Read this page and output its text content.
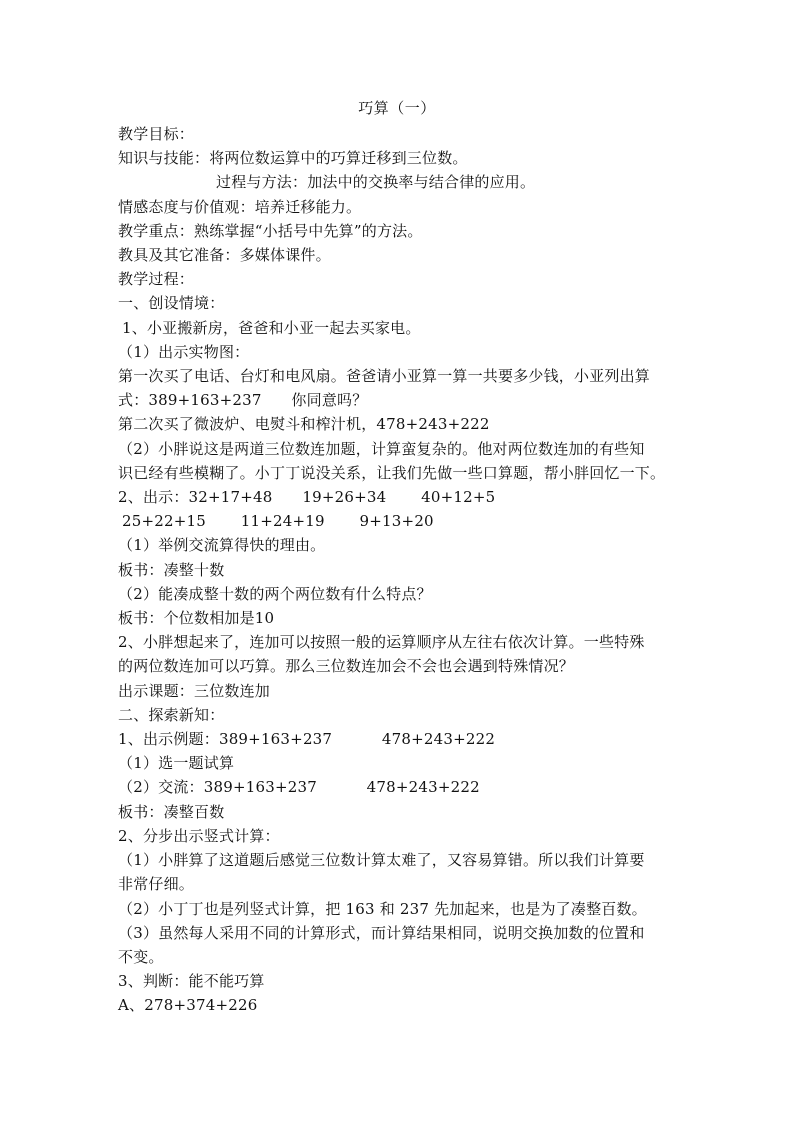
巧算（一）
教学目标：
知识与技能：将两位数运算中的巧算迁移到三位数。
过程与方法：加法中的交换率与结合律的应用。
情感态度与价值观：培养迁移能力。
教学重点：熟练掌握“小括号中先算”的方法。
教具及其它准备：多媒体课件。
教学过程：
一、创设情境：
1、小亚搬新房，爸爸和小亚一起去买家电。
（1）出示实物图：
第一次买了电话、台灯和电风扇。爸爸请小亚算一算一共要多少钱，小亚列出算
式：389+163+237      你同意吗？
第二次买了微波炉、电熨斗和榨汁机，478+243+222
（2）小胖说这是两道三位数连加题，计算蛮复杂的。他对两位数连加的有些知
识已经有些模糊了。小丁丁说没关系，让我们先做一些口算题，帮小胖回忆一下。
2、出示：32+17+48      19+26+34       40+12+5
25+22+15       11+24+19       9+13+20
（1）举例交流算得快的理由。
板书：凑整十数
（2）能凑成整十数的两个两位数有什么特点？
板书：个位数相加是10
2、小胖想起来了，连加可以按照一般的运算顺序从左往右依次计算。一些特殊
的两位数连加可以巧算。那么三位数连加会不会也会遇到特殊情况？
出示课题：三位数连加
二、探索新知：
1、出示例题：389+163+237          478+243+222
（1）选一题试算
（2）交流：389+163+237          478+243+222
板书：凑整百数
2、分步出示竖式计算：
（1）小胖算了这道题后感觉三位数计算太难了，又容易算错。所以我们计算要
非常仔细。
（2）小丁丁也是列竖式计算，把 163 和 237 先加起来，也是为了凑整百数。
（3）虽然每人采用不同的计算形式，而计算结果相同，说明交换加数的位置和
不变。
3、判断：能不能巧算
A、278+374+226
